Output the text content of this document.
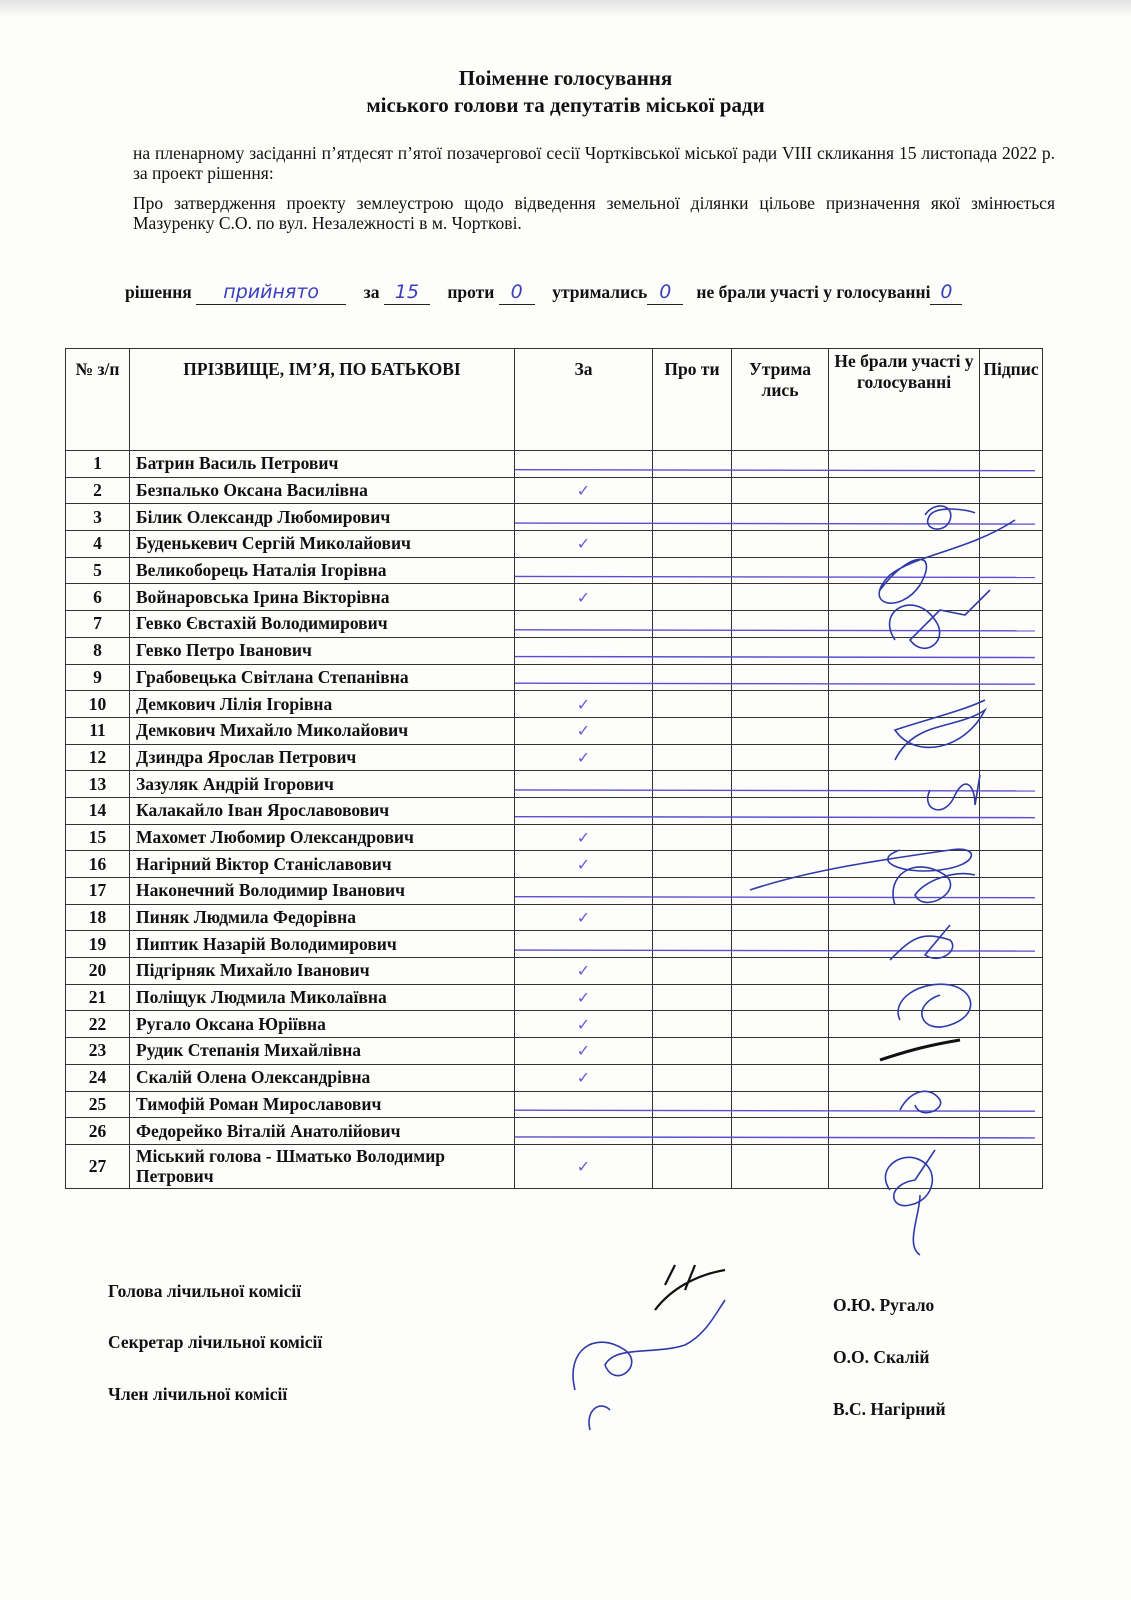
Поіменне голосування
міського голови та депутатів міської ради
на пленарному засіданні п’ятдесят п’ятої позачергової сесії Чортківської міської ради VIII скликання 15 листопада 2022 р. за проект рішення:
Про затвердження проекту землеустрою щодо відведення земельної ділянки цільове призначення якої змінюється Мазуренку С.О. по вул. Незалежності в м. Чорткові.
рішення прийнято	за 15 проти 0 утримались 0 не брали участі у голосуванні 0
№ з/п	ПРІЗВИЩЕ, ІМ’Я, ПО БАТЬКОВІ	За	Про ти	Утрима лись	Не брали участі у голосуванні	Підпис
1	Батрин Василь Петрович					
2	Безпалько Оксана Василівна	✓				
3	Білик Олександр Любомирович					
4	Буденькевич Сергій Миколайович	✓				
5	Великоборець Наталія Ігорівна					
6	Войнаровська Ірина Вікторівна	✓				
7	Гевко Євстахій Володимирович					
8	Гевко Петро Іванович					
9	Грабовецька Світлана Степанівна					
10	Демкович Лілія Ігорівна	✓				
11	Демкович Михайло Миколайович	✓				
12	Дзиндра Ярослав Петрович	✓				
13	Зазуляк Андрій Ігорович					
14	Калакайло Іван Ярославовович					
15	Махомет Любомир Олександрович	✓				
16	Нагірний Віктор Станіславович	✓				
17	Наконечний Володимир Іванович					
18	Пиняк Людмила Федорівна	✓				
19	Пиптик Назарій Володимирович					
20	Підгірняк Михайло Іванович	✓				
21	Поліщук Людмила Миколаївна	✓				
22	Ругало Оксана Юріївна	✓				
23	Рудик Степанія Михайлівна	✓				
24	Скалій Олена Олександрівна	✓				
25	Тимофій Роман Мирославович					
26	Федорейко Віталій Анатолійович					
27	Міський голова - Шматько Володимир Петрович	✓				
Голова лічильної комісії
Секретар лічильної комісії
Член лічильної комісії
О.Ю. Ругало
О.О. Скалій
В.С. Нагірний
